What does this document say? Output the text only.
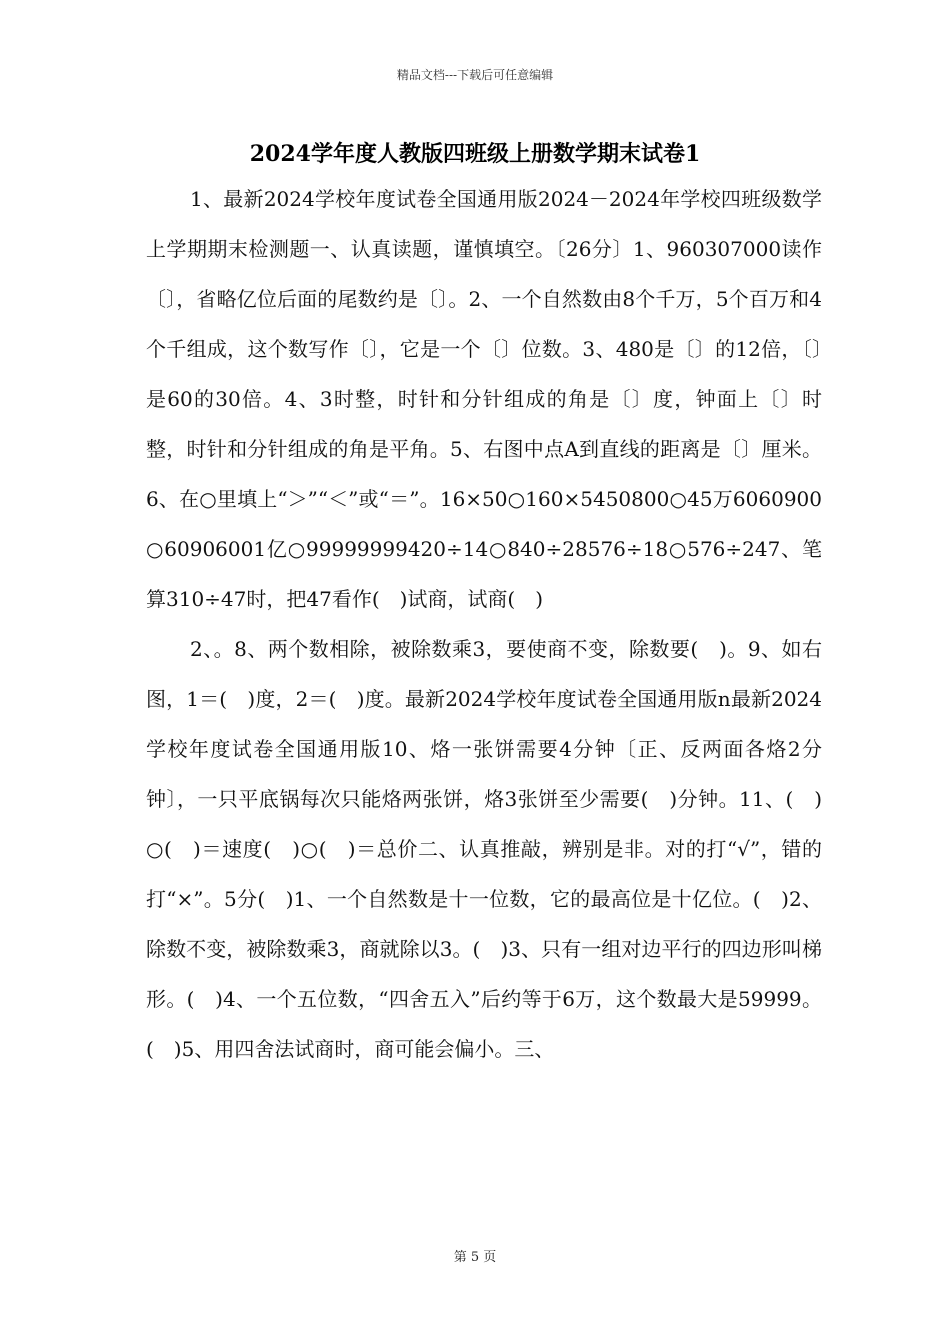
精品文档---下载后可任意编辑
2024学年度人教版四班级上册数学期末试卷1

1、最新2024学校年度试卷全国通用版2024－2024年学校四班级数学上学期期末检测题一、认真读题，谨慎填空。〔26分〕1、960307000读作〔〕，省略亿位后面的尾数约是〔〕。2、一个自然数由8个千万，5个百万和4个千组成，这个数写作〔〕，它是一个〔〕位数。3、480是〔〕的12倍，〔〕是60的30倍。4、3时整，时针和分针组成的角是〔〕度，钟面上〔〕时整，时针和分针组成的角是平角。5、右图中点A到直线的距离是〔〕厘米。6、在○里填上“＞”“＜”或“＝”。16×50○160×5450800○45万6060900○60906001亿○99999999420÷14○840÷28576÷18○576÷247、笔算310÷47时，把47看作(　)试商，试商(　)

2、。8、两个数相除，被除数乘3，要使商不变，除数要(　)。9、如右图，1＝(　)度，2＝(　)度。最新2024学校年度试卷全国通用版n最新2024学校年度试卷全国通用版10、烙一张饼需要4分钟〔正、反两面各烙2分钟〕，一只平底锅每次只能烙两张饼，烙3张饼至少需要(　)分钟。11、(　)○(　)＝速度(　)○(　)＝总价二、认真推敲，辨别是非。对的打“√”，错的打“×”。5分(　)1、一个自然数是十一位数，它的最高位是十亿位。(　)2、除数不变，被除数乘3，商就除以3。(　)3、只有一组对边平行的四边形叫梯形。(　)4、一个五位数，“四舍五入”后约等于6万，这个数最大是59999。(　)5、用四舍法试商时，商可能会偏小。三、

第 5 页
